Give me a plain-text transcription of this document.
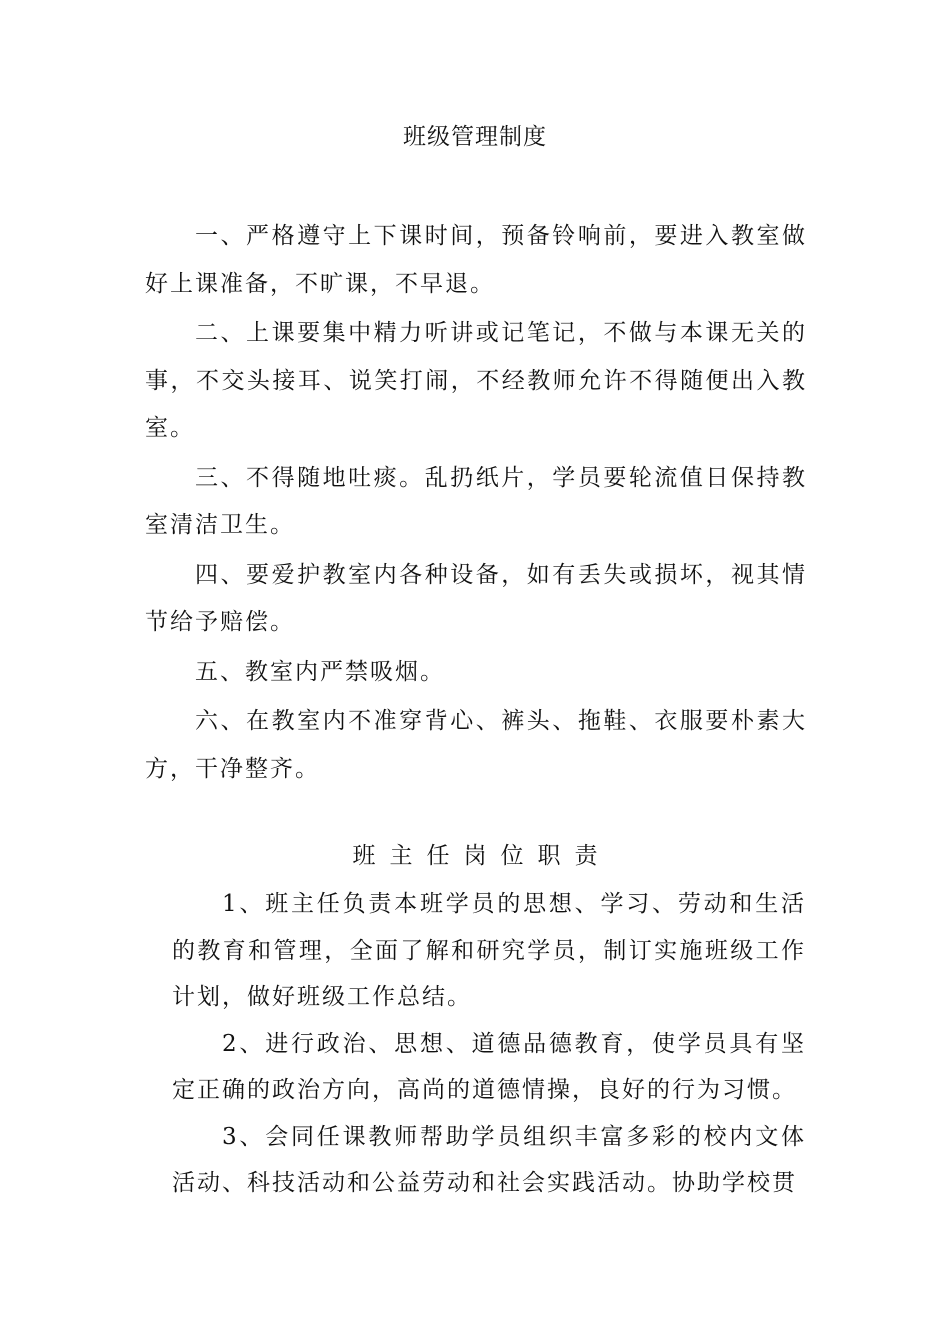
班级管理制度

一、严格遵守上下课时间，预备铃响前，要进入教室做好上课准备，不旷课，不早退。

二、上课要集中精力听讲或记笔记，不做与本课无关的事，不交头接耳、说笑打闹，不经教师允许不得随便出入教室。

三、不得随地吐痰。乱扔纸片，学员要轮流值日保持教室清洁卫生。

四、要爱护教室内各种设备，如有丢失或损坏，视其情节给予赔偿。

五、教室内严禁吸烟。

六、在教室内不准穿背心、裤头、拖鞋、衣服要朴素大方，干净整齐。

班主任岗位职责

1、班主任负责本班学员的思想、学习、劳动和生活的教育和管理，全面了解和研究学员，制订实施班级工作计划，做好班级工作总结。

2、进行政治、思想、道德品德教育，使学员具有坚定正确的政治方向，高尚的道德情操，良好的行为习惯。

3、会同任课教师帮助学员组织丰富多彩的校内文体活动、科技活动和公益劳动和社会实践活动。协助学校贯
